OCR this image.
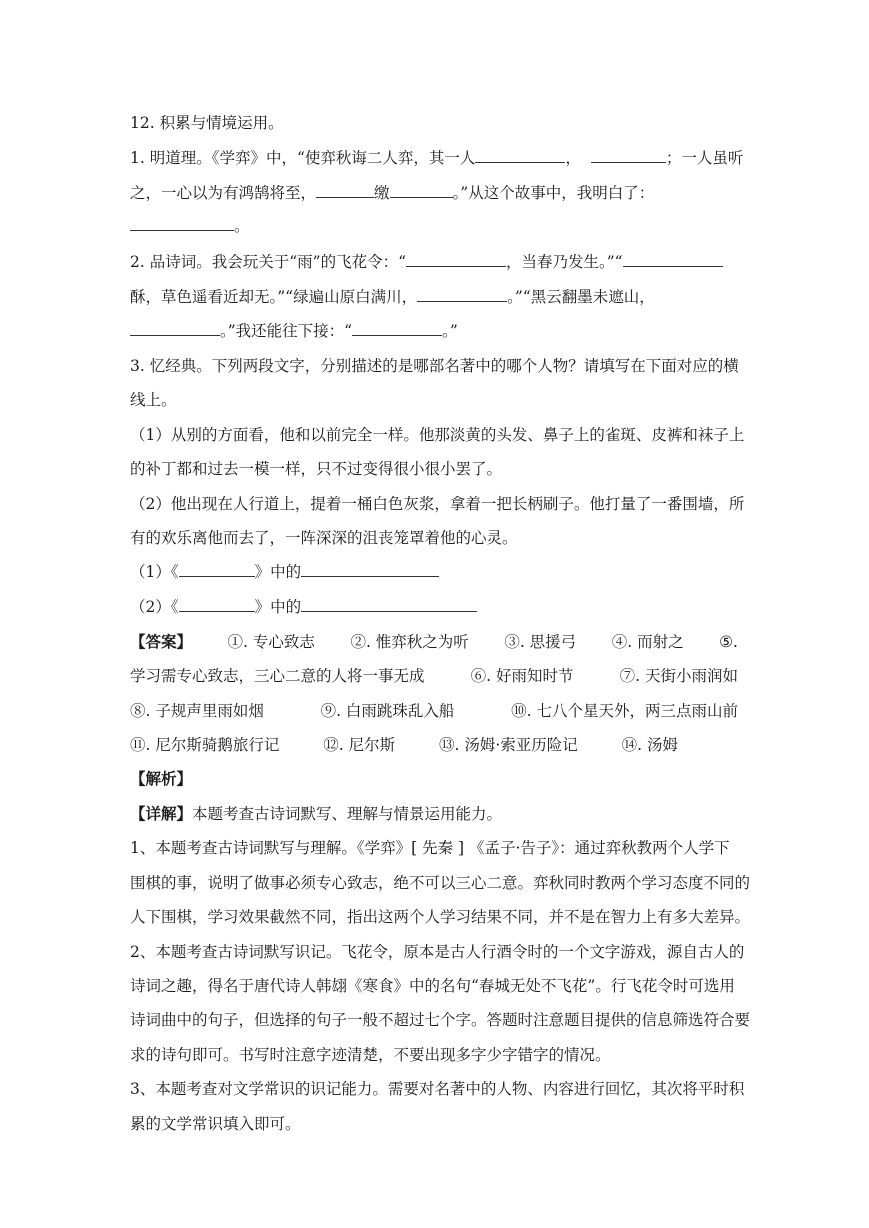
12. 积累与情境运用。
1. 明道理。《学弈》中，“使弈秋诲二人弈，其一人	，	；一人虽听
之，一心以为有鸿鹄将至，	缴	。”从这个故事中，我明白了：
。
2. 品诗词。我会玩关于“雨”的飞花令：“	，当春乃发生。”“
酥，草色遥看近却无。”“绿遍山原白满川，	。”“黑云翻墨未遮山，
。”我还能往下接：“	。”
3. 忆经典。下列两段文字，分别描述的是哪部名著中的哪个人物？请填写在下面对应的横
线上。
（1）从别的方面看，他和以前完全一样。他那淡黄的头发、鼻子上的雀斑、皮裤和袜子上
的补丁都和过去一模一样，只不过变得很小很小罢了。
（2）他出现在人行道上，提着一桶白色灰浆，拿着一把长柄刷子。他打量了一番围墙，所
有的欢乐离他而去了，一阵深深的沮丧笼罩着他的心灵。
（1）《	》中的
（2）《	》中的
【答案】 ①. 专心致志 ②. 惟弈秋之为听 ③. 思援弓 ④. 而射之 ⑤.
学习需专心致志，三心二意的人将一事无成	⑥. 好雨知时节	⑦. 天街小雨润如
⑧. 子规声里雨如烟	⑨. 白雨跳珠乱入船	⑩. 七八个星天外，两三点雨山前
⑪. 尼尔斯骑鹅旅行记	⑫. 尼尔斯	⑬. 汤姆·索亚历险记	⑭. 汤姆
【解析】
【详解】本题考查古诗词默写、理解与情景运用能力。
1、本题考查古诗词默写与理解。《学弈》[ 先秦 ] 《孟子·告子》：通过弈秋教两个人学下
围棋的事，说明了做事必须专心致志，绝不可以三心二意。弈秋同时教两个学习态度不同的
人下围棋，学习效果截然不同，指出这两个人学习结果不同，并不是在智力上有多大差异。
2、本题考查古诗词默写识记。飞花令，原本是古人行酒令时的一个文字游戏，源自古人的
诗词之趣，得名于唐代诗人韩翃《寒食》中的名句“春城无处不飞花”。行飞花令时可选用
诗词曲中的句子，但选择的句子一般不超过七个字。答题时注意题目提供的信息筛选符合要
求的诗句即可。书写时注意字迹清楚，不要出现多字少字错字的情况。
3、本题考查对文学常识的识记能力。需要对名著中的人物、内容进行回忆，其次将平时积
累的文学常识填入即可。
